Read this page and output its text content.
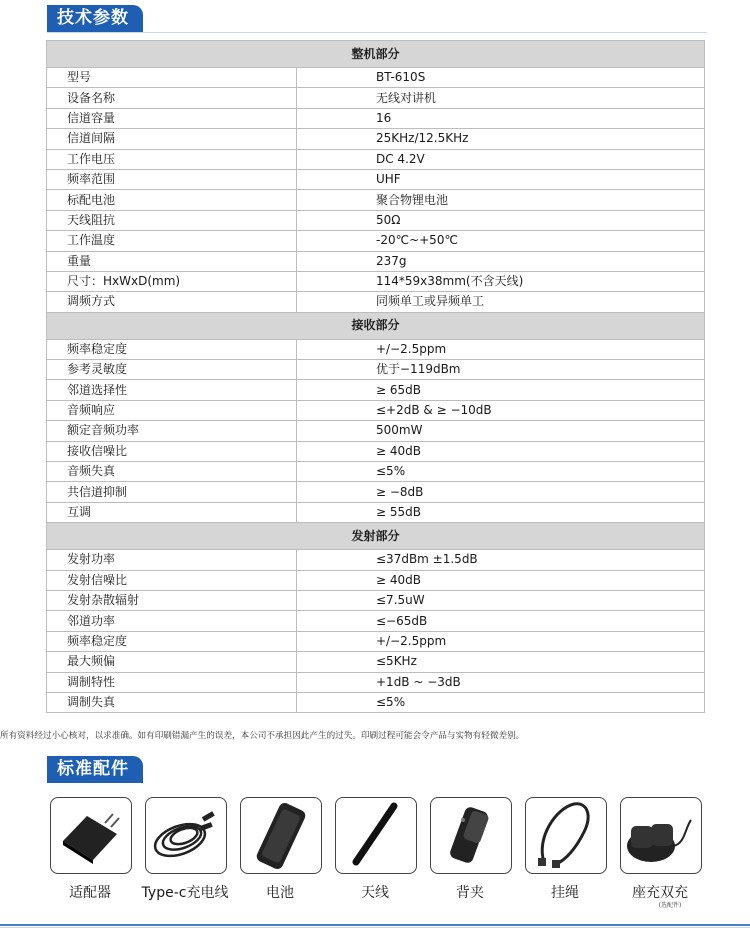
技术参数
整机部分	
型号	BT-610S
设备名称	无线对讲机
信道容量	16
信道间隔	25KHz/12.5KHz
工作电压	DC 4.2V
频率范围	UHF
标配电池	聚合物锂电池
天线阻抗	50Ω
工作温度	-20℃~+50℃
重量	237g
尺寸：HxWxD(mm)	114*59x38mm(不含天线)
调频方式	同频单工或异频单工
接收部分	
频率稳定度	+/−2.5ppm
参考灵敏度	优于−119dBm
邻道选择性	≥ 65dB
音频响应	≤+2dB & ≥ −10dB
额定音频功率	500mW
接收信噪比	≥ 40dB
音频失真	≤5%
共信道抑制	≥ −8dB
互调	≥ 55dB
发射部分	
发射功率	≤37dBm ±1.5dB
发射信噪比	≥ 40dB
发射杂散辐射	≤7.5uW
邻道功率	≤−65dB
频率稳定度	+/−2.5ppm
最大频偏	≤5KHz
调制特性	+1dB ~ −3dB
调制失真	≤5%
所有资料经过小心核对，以求准确。如有印刷错漏产生的误差，本公司不承担因此产生的过失。印刷过程可能会令产品与实物有轻微差别。
标准配件
适配器	Type-c充电线	电池	天线	背夹	挂绳	座充双充
(选配件)
